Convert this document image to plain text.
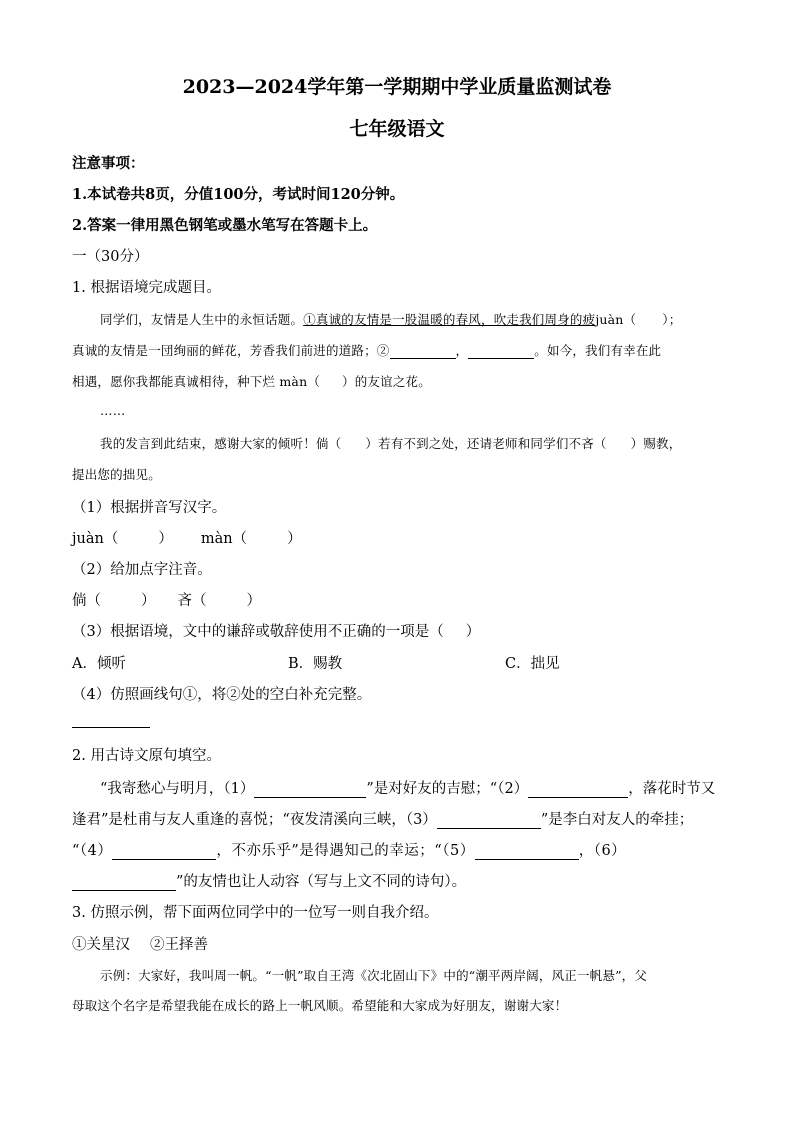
2023—2024学年第一学期期中学业质量监测试卷
七年级语文
注意事项：
1.本试卷共8页，分值100分，考试时间120分钟。
2.答案一律用黑色钢笔或墨水笔写在答题卡上。
一（30分）
1. 根据语境完成题目。
同学们，友情是人生中的永恒话题。①真诚的友情是一股温暖的春风，吹走我们周身的疲juàn（ ）；
真诚的友情是一団绚丽的鲜花，芳香我们前进的道路；②	，	。如今，我们有幸在此
相遇，愿你我都能真诚相待，种下烂 màn（ ）的友谊之花。
……
我的发言到此结束，感谢大家的倾听！倘（ ）若有不到之处，还请老师和同学们不吝（ ）赐教，
提出您的拙见。
（1）根据拼音写汉字。
juàn（	） màn（	）
（2）给加点字注音。
倘（	） 吝（	）
（3）根据语境，文中的谦辞或敬辞使用不正确的一项是（ ）
A．倾听	B．赐教	C．拙见
（4）仿照画线句①，将②处的空白补充完整。
2. 用古诗文原句填空。
“我寄愁心与明月，（1）	”是对好友的吉慰；“（2）	，落花时节又
逢君”是杜甫与友人重逢的喜悦；“夜发清溪向三峡，（3）	”是李白对友人的牵挂；
“（4）	，不亦乐乎”是得遇知己的幸运；“（5）	，（6）
”的友情也让人动容（写与上文不同的诗句）。
3. 仿照示例，帮下面两位同学中的一位写一则自我介绍。
①关星汉 ②王择善
示例：大家好，我叫周一帆。“一帆”取自王湾《次北固山下》中的“潮平两岸阔，风正一帆悬”，父
母取这个名字是希望我能在成长的路上一帆风顺。希望能和大家成为好朋友，谢谢大家！
